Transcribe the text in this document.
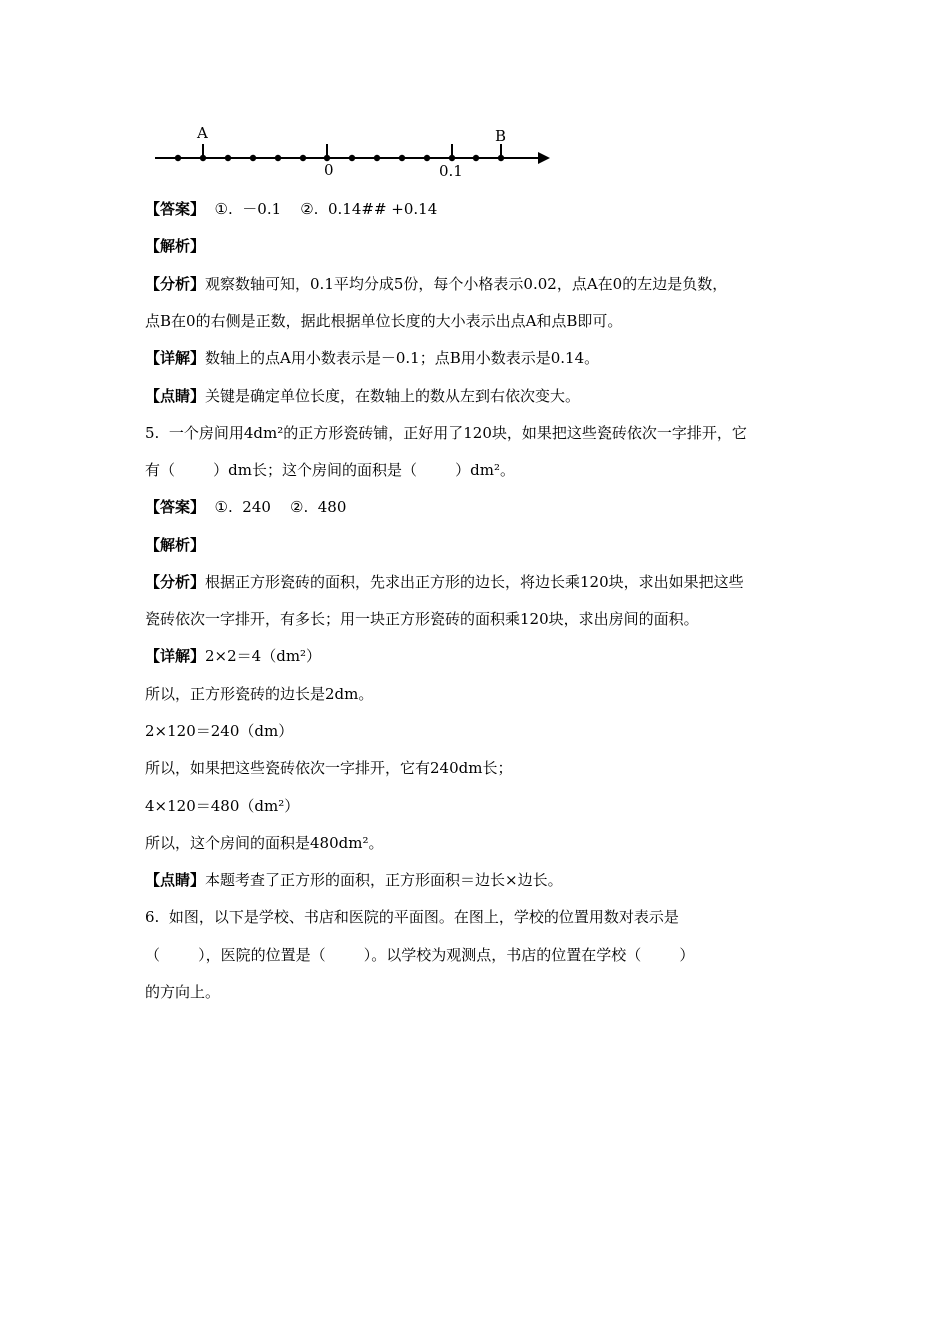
A	B
0	0.1
【答案】  ①.  －0.1    ②.  0.14## +0.14
【解析】
【分析】观察数轴可知，0.1平均分成5份，每个小格表示0.02，点A在0的左边是负数，
点B在0的右侧是正数，据此根据单位长度的大小表示出点A和点B即可。
【详解】数轴上的点A用小数表示是－0.1；点B用小数表示是0.14。
【点睛】关键是确定单位长度，在数轴上的数从左到右依次变大。
5.  一个房间用4dm²的正方形瓷砖铺，正好用了120块，如果把这些瓷砖依次一字排开，它
有（        ）dm长；这个房间的面积是（        ）dm²。
【答案】  ①.  240    ②.  480
【解析】
【分析】根据正方形瓷砖的面积，先求出正方形的边长，将边长乘120块，求出如果把这些
瓷砖依次一字排开，有多长；用一块正方形瓷砖的面积乘120块，求出房间的面积。
【详解】2×2＝4（dm²）
所以，正方形瓷砖的边长是2dm。
2×120＝240（dm）
所以，如果把这些瓷砖依次一字排开，它有240dm长；
4×120＝480（dm²）
所以，这个房间的面积是480dm²。
【点睛】本题考查了正方形的面积，正方形面积＝边长×边长。
6.  如图，以下是学校、书店和医院的平面图。在图上，学校的位置用数对表示是
（        ），医院的位置是（        ）。以学校为观测点，书店的位置在学校（        ）
的方向上。
